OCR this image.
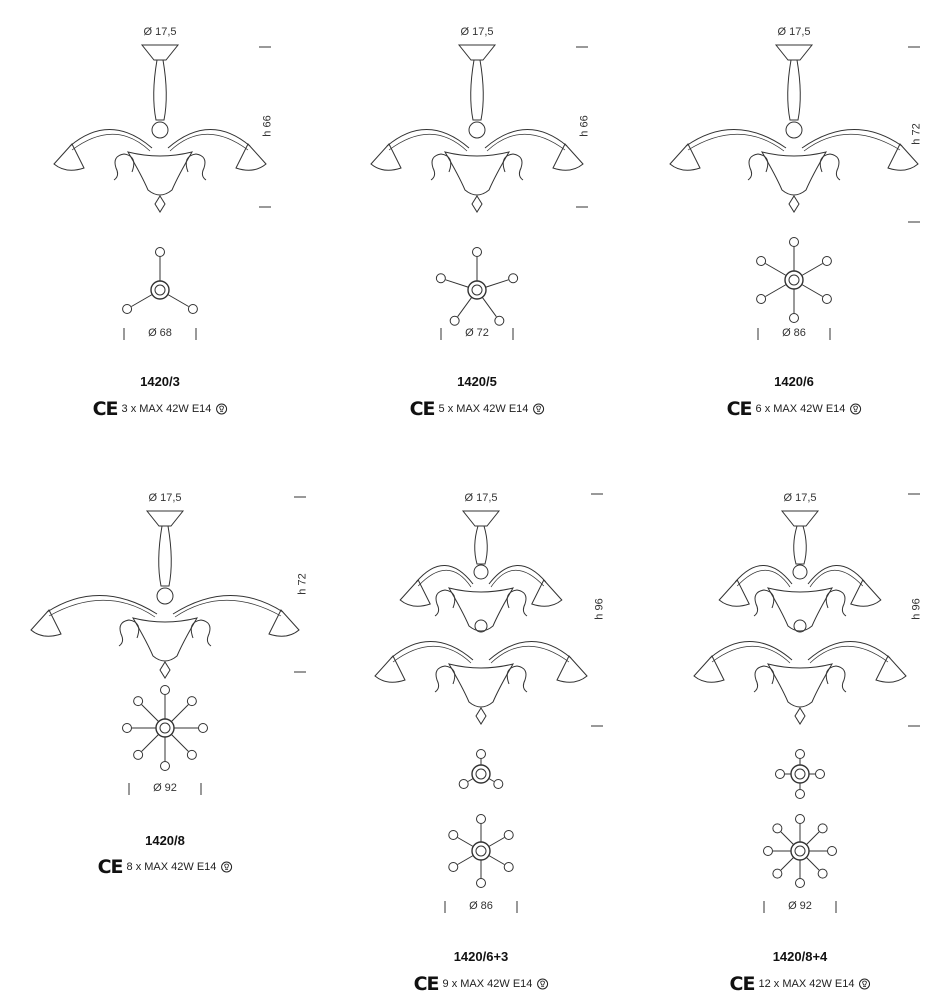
Ø 17,5
h 66
Ø 68
1420/3
CE 3 x MAX 42W E14
Ø 17,5
h 66
Ø 72
1420/5
CE 5 x MAX 42W E14
Ø 17,5
h 72
Ø 86
1420/6
CE 6 x MAX 42W E14
Ø 17,5
h 72
Ø 92
1420/8
CE 8 x MAX 42W E14
Ø 17,5
h 96
Ø 86
1420/6+3
CE 9 x MAX 42W E14
Ø 17,5
h 96
Ø 92
1420/8+4
CE 12 x MAX 42W E14
